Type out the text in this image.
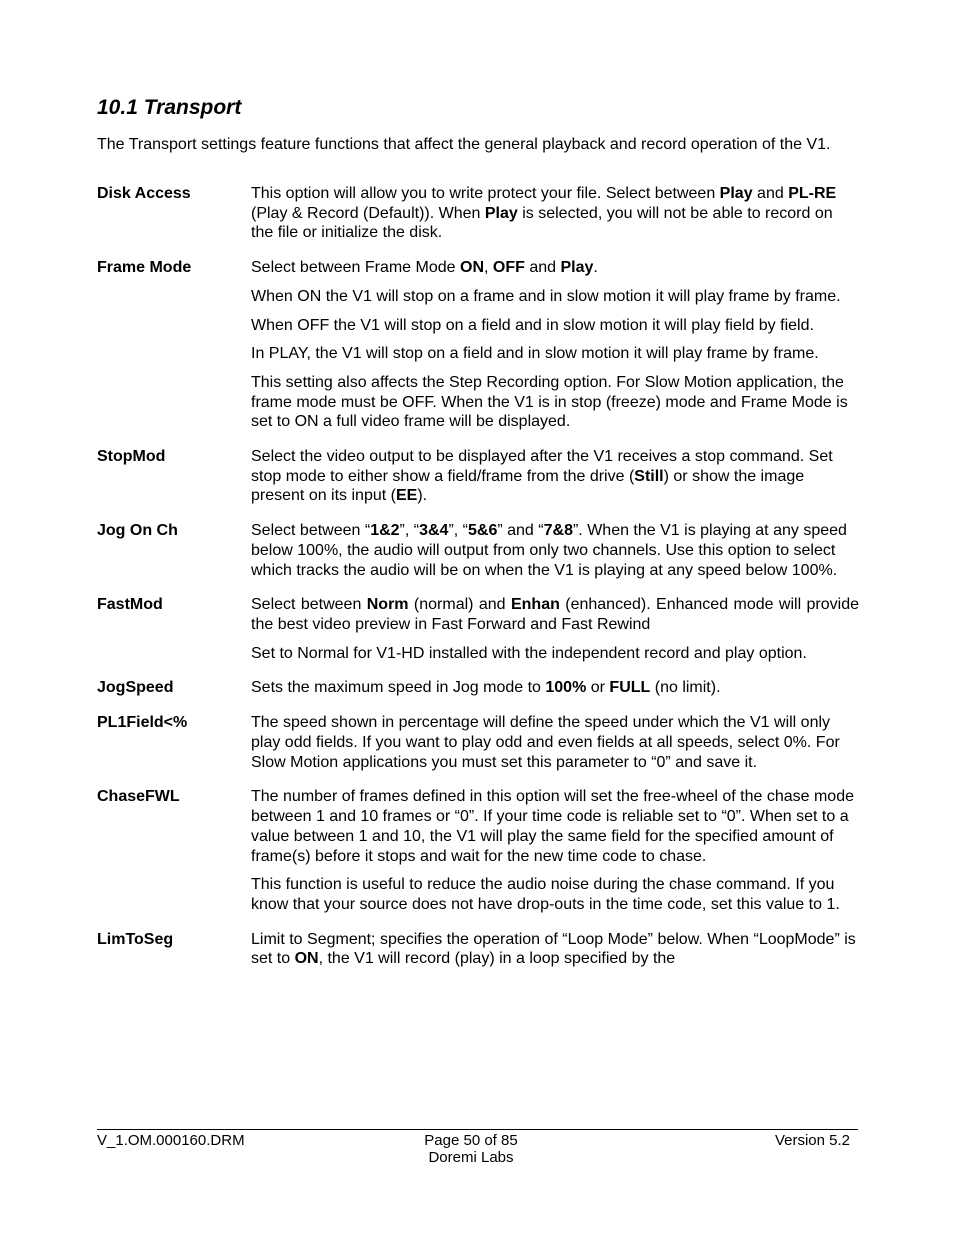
10.1 Transport

The Transport settings feature functions that affect the general playback and record operation of the V1.

Disk Access	This option will allow you to write protect your file. Select between Play and PL-RE (Play & Record (Default)). When Play is selected, you will not be able to record on the file or initialize the disk.

Frame Mode	Select between Frame Mode ON, OFF and Play.

When ON the V1 will stop on a frame and in slow motion it will play frame by frame.

When OFF the V1 will stop on a field and in slow motion it will play field by field.

In PLAY, the V1 will stop on a field and in slow motion it will play frame by frame.

This setting also affects the Step Recording option. For Slow Motion application, the frame mode must be OFF. When the V1 is in stop (freeze) mode and Frame Mode is set to ON a full video frame will be displayed.

StopMod	Select the video output to be displayed after the V1 receives a stop command. Set stop mode to either show a field/frame from the drive (Still) or show the image present on its input (EE).

Jog On Ch	Select between “1&2”, “3&4”, “5&6” and “7&8”. When the V1 is playing at any speed below 100%, the audio will output from only two channels. Use this option to select which tracks the audio will be on when the V1 is playing at any speed below 100%.

FastMod	Select between Norm (normal) and Enhan (enhanced). Enhanced mode will provide the best video preview in Fast Forward and Fast Rewind

Set to Normal for V1-HD installed with the independent record and play option.

JogSpeed	Sets the maximum speed in Jog mode to 100% or FULL (no limit).

PL1Field<%	The speed shown in percentage will define the speed under which the V1 will only play odd fields. If you want to play odd and even fields at all speeds, select 0%. For Slow Motion applications you must set this parameter to “0” and save it.

ChaseFWL	The number of frames defined in this option will set the free-wheel of the chase mode between 1 and 10 frames or “0”. If your time code is reliable set to “0”. When set to a value between 1 and 10, the V1 will play the same field for the specified amount of frame(s) before it stops and wait for the new time code to chase.

This function is useful to reduce the audio noise during the chase command. If you know that your source does not have drop-outs in the time code, set this value to 1.

LimToSeg	Limit to Segment; specifies the operation of “Loop Mode” below. When “LoopMode” is set to ON, the V1 will record (play) in a loop specified by the

V_1.OM.000160.DRM	Page 50 of 85
Doremi Labs
Version 5.2
